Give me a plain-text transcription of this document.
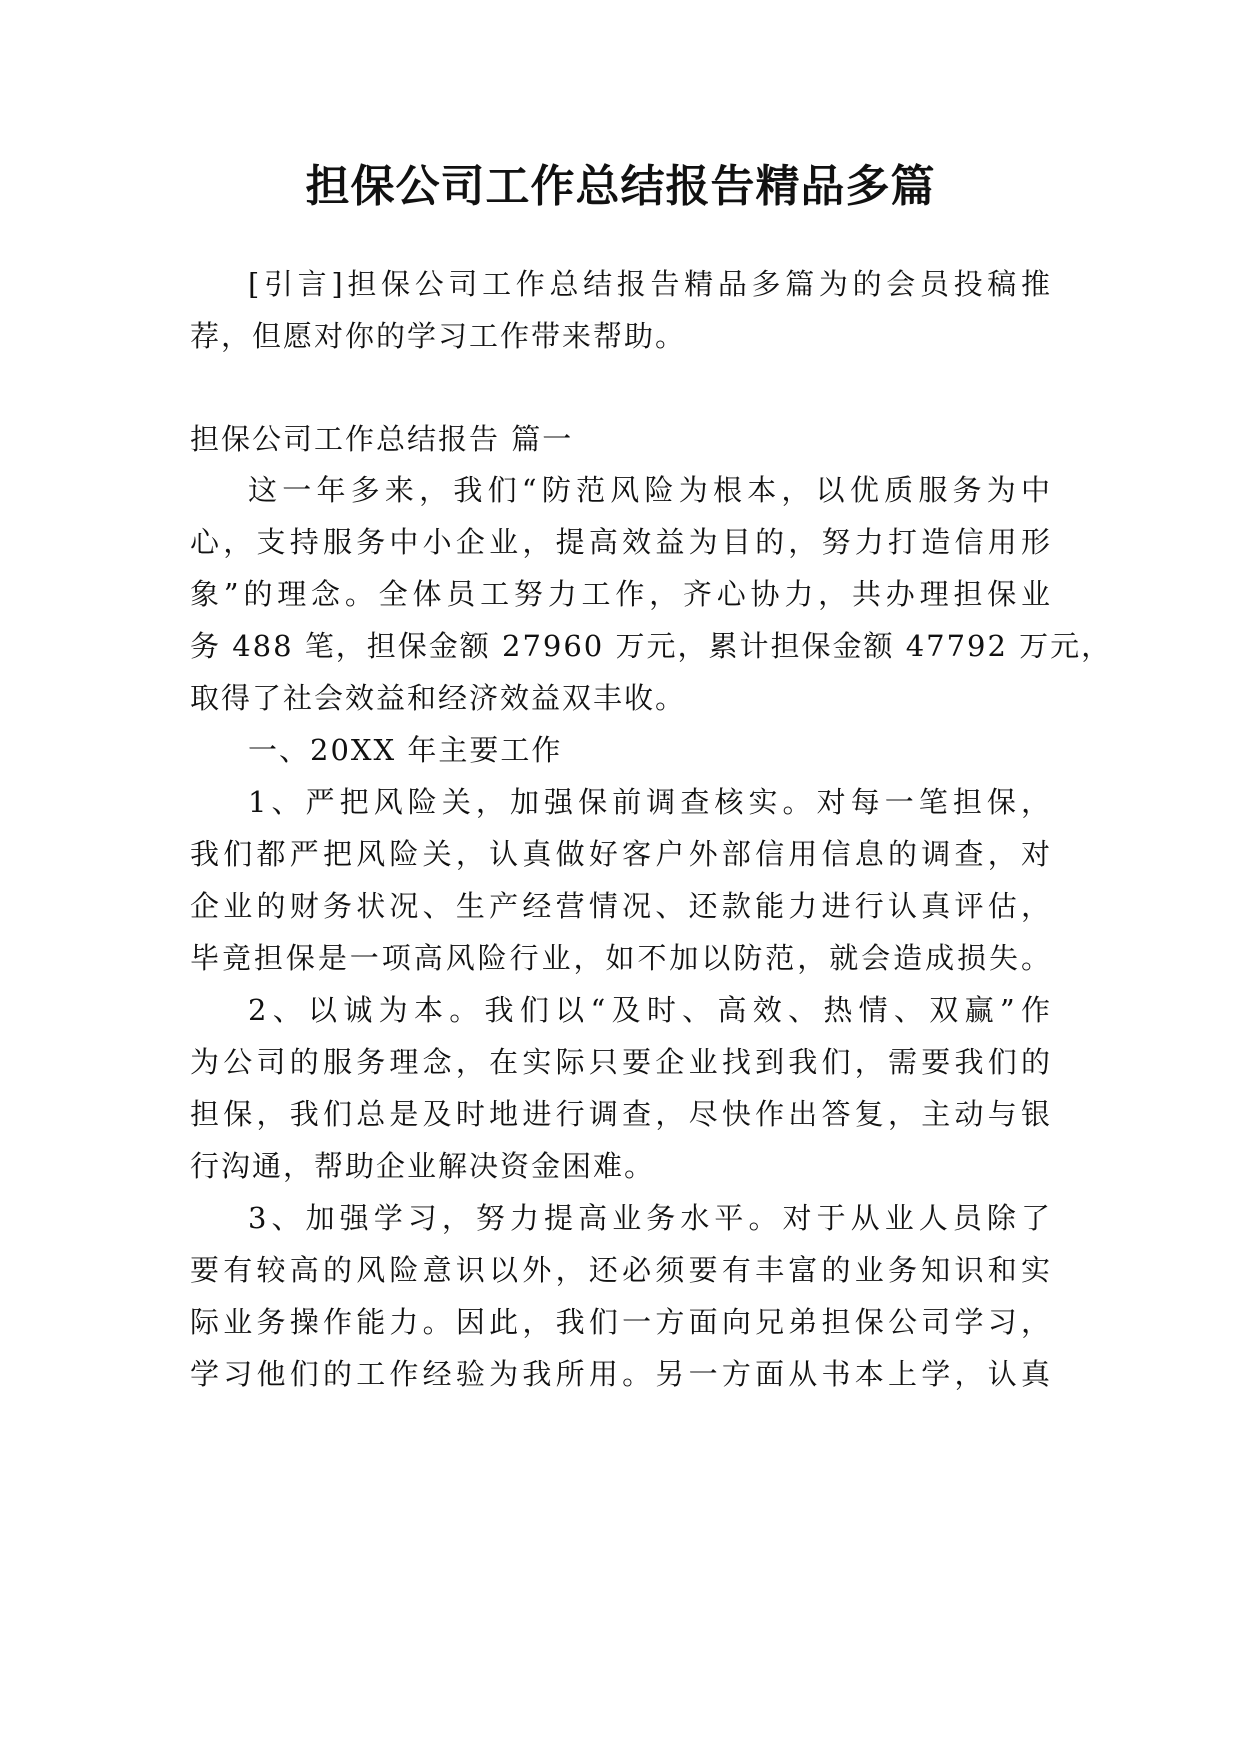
担保公司工作总结报告精品多篇
[引言]担保公司工作总结报告精品多篇为的会员投稿推
荐，但愿对你的学习工作带来帮助。
担保公司工作总结报告 篇一
这一年多来，我们“防范风险为根本，以优质服务为中
心，支持服务中小企业，提高效益为目的，努力打造信用形
象”的理念。全体员工努力工作，齐心协力，共办理担保业
务 488 笔，担保金额 27960 万元，累计担保金额 47792 万元，
取得了社会效益和经济效益双丰收。
一、20XX 年主要工作
1、严把风险关，加强保前调查核实。对每一笔担保，
我们都严把风险关，认真做好客户外部信用信息的调查，对
企业的财务状况、生产经营情况、还款能力进行认真评估，
毕竟担保是一项高风险行业，如不加以防范，就会造成损失。
2、以诚为本。我们以“及时、高效、热情、双赢”作
为公司的服务理念，在实际只要企业找到我们，需要我们的
担保，我们总是及时地进行调查，尽快作出答复，主动与银
行沟通，帮助企业解决资金困难。
3、加强学习，努力提高业务水平。对于从业人员除了
要有较高的风险意识以外，还必须要有丰富的业务知识和实
际业务操作能力。因此，我们一方面向兄弟担保公司学习，
学习他们的工作经验为我所用。另一方面从书本上学，认真
